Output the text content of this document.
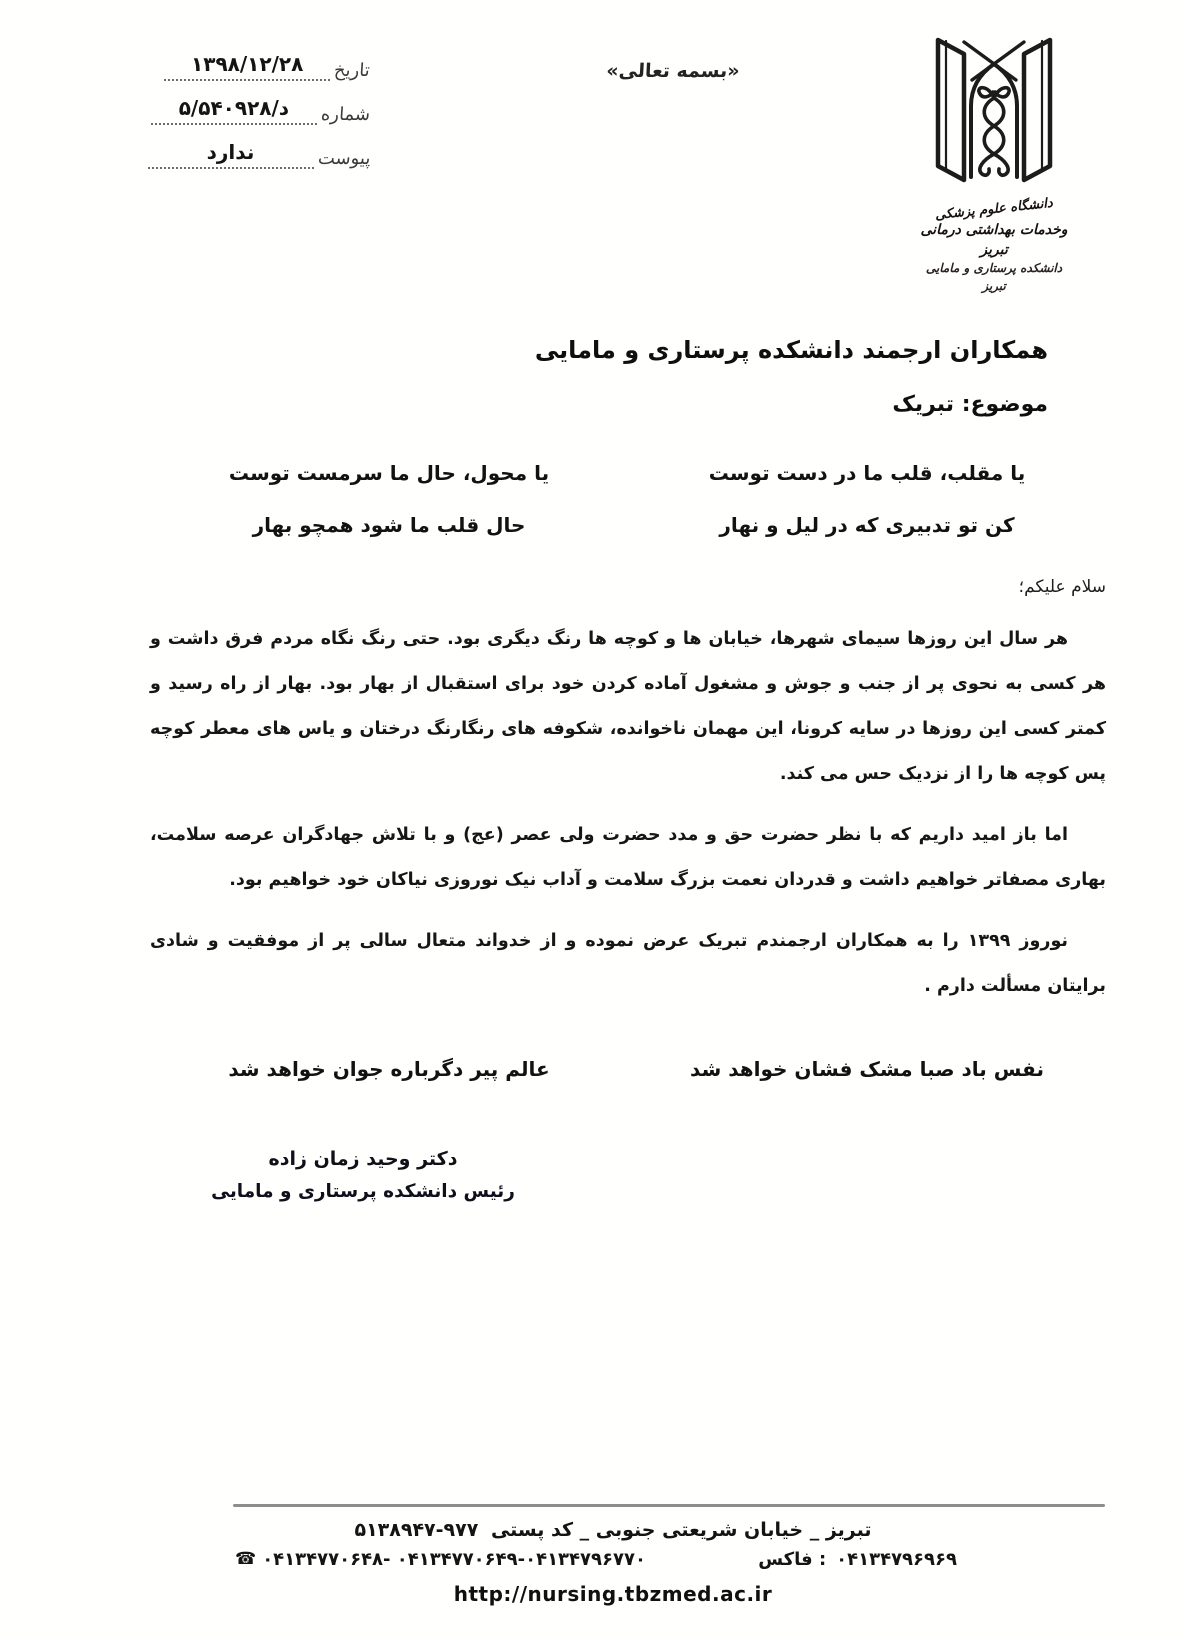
تاریخ
۱۳۹۸/۱۲/۲۸
شماره
۵/د/۵۴۰۹۲۸
پیوست
ندارد
«بسمه تعالی»
دانشگاه علوم پزشکی
وخدمات بهداشتی درمانی تبریز
دانشکده پرستاری و مامایی تبریز
همکاران ارجمند دانشکده پرستاری و مامایی
موضوع: تبریک
یا مقلب، قلب ما در دست توست
یا محول، حال ما سرمست توست
کن تو تدبیری که در لیل و نهار
حال قلب ما شود همچو بهار
سلام علیکم؛

هر سال این روزها سیمای شهرها، خیابان ها و کوچه ها رنگ دیگری بود. حتی رنگ نگاه مردم فرق داشت و هر کسی به نحوی پر از جنب و جوش و مشغول آماده کردن خود برای استقبال از بهار بود. بهار از راه رسید و کمتر کسی این روزها در سایه کرونا، این مهمان ناخوانده، شکوفه های رنگارنگ درختان و یاس های معطر کوچه پس کوچه ها را از نزدیک حس می کند.

اما باز امید داریم که با نظر حضرت حق و مدد حضرت ولی عصر (عج) و با تلاش جهادگران عرصه سلامت، بهاری مصفاتر خواهیم داشت و قدردان نعمت بزرگ سلامت و آداب نیک نوروزی نیاکان خود خواهیم بود.

نوروز ۱۳۹۹ را به همکاران ارجمندم تبریک عرض نموده و از خدواند متعال سالی پر از موفقیت و شادی برایتان مسألت دارم .

نفس باد صبا مشک فشان خواهد شد
عالم پیر دگرباره جوان خواهد شد
دکتر وحید زمان زاده
رئیس دانشکده پرستاری و مامایی
تبریز _ خیابان شریعتی جنوبی _ کد پستی ۵۱۳۸۹۴۷-۹۷۷
☎ ۰۴۱۳۴۷۷۰۶۴۸- ۰۴۱۳۴۷۷۰۶۴۹-۰۴۱۳۴۷۹۶۷۷۰	فاکس : ۰۴۱۳۴۷۹۶۹۶۹
http://nursing.tbzmed.ac.ir
